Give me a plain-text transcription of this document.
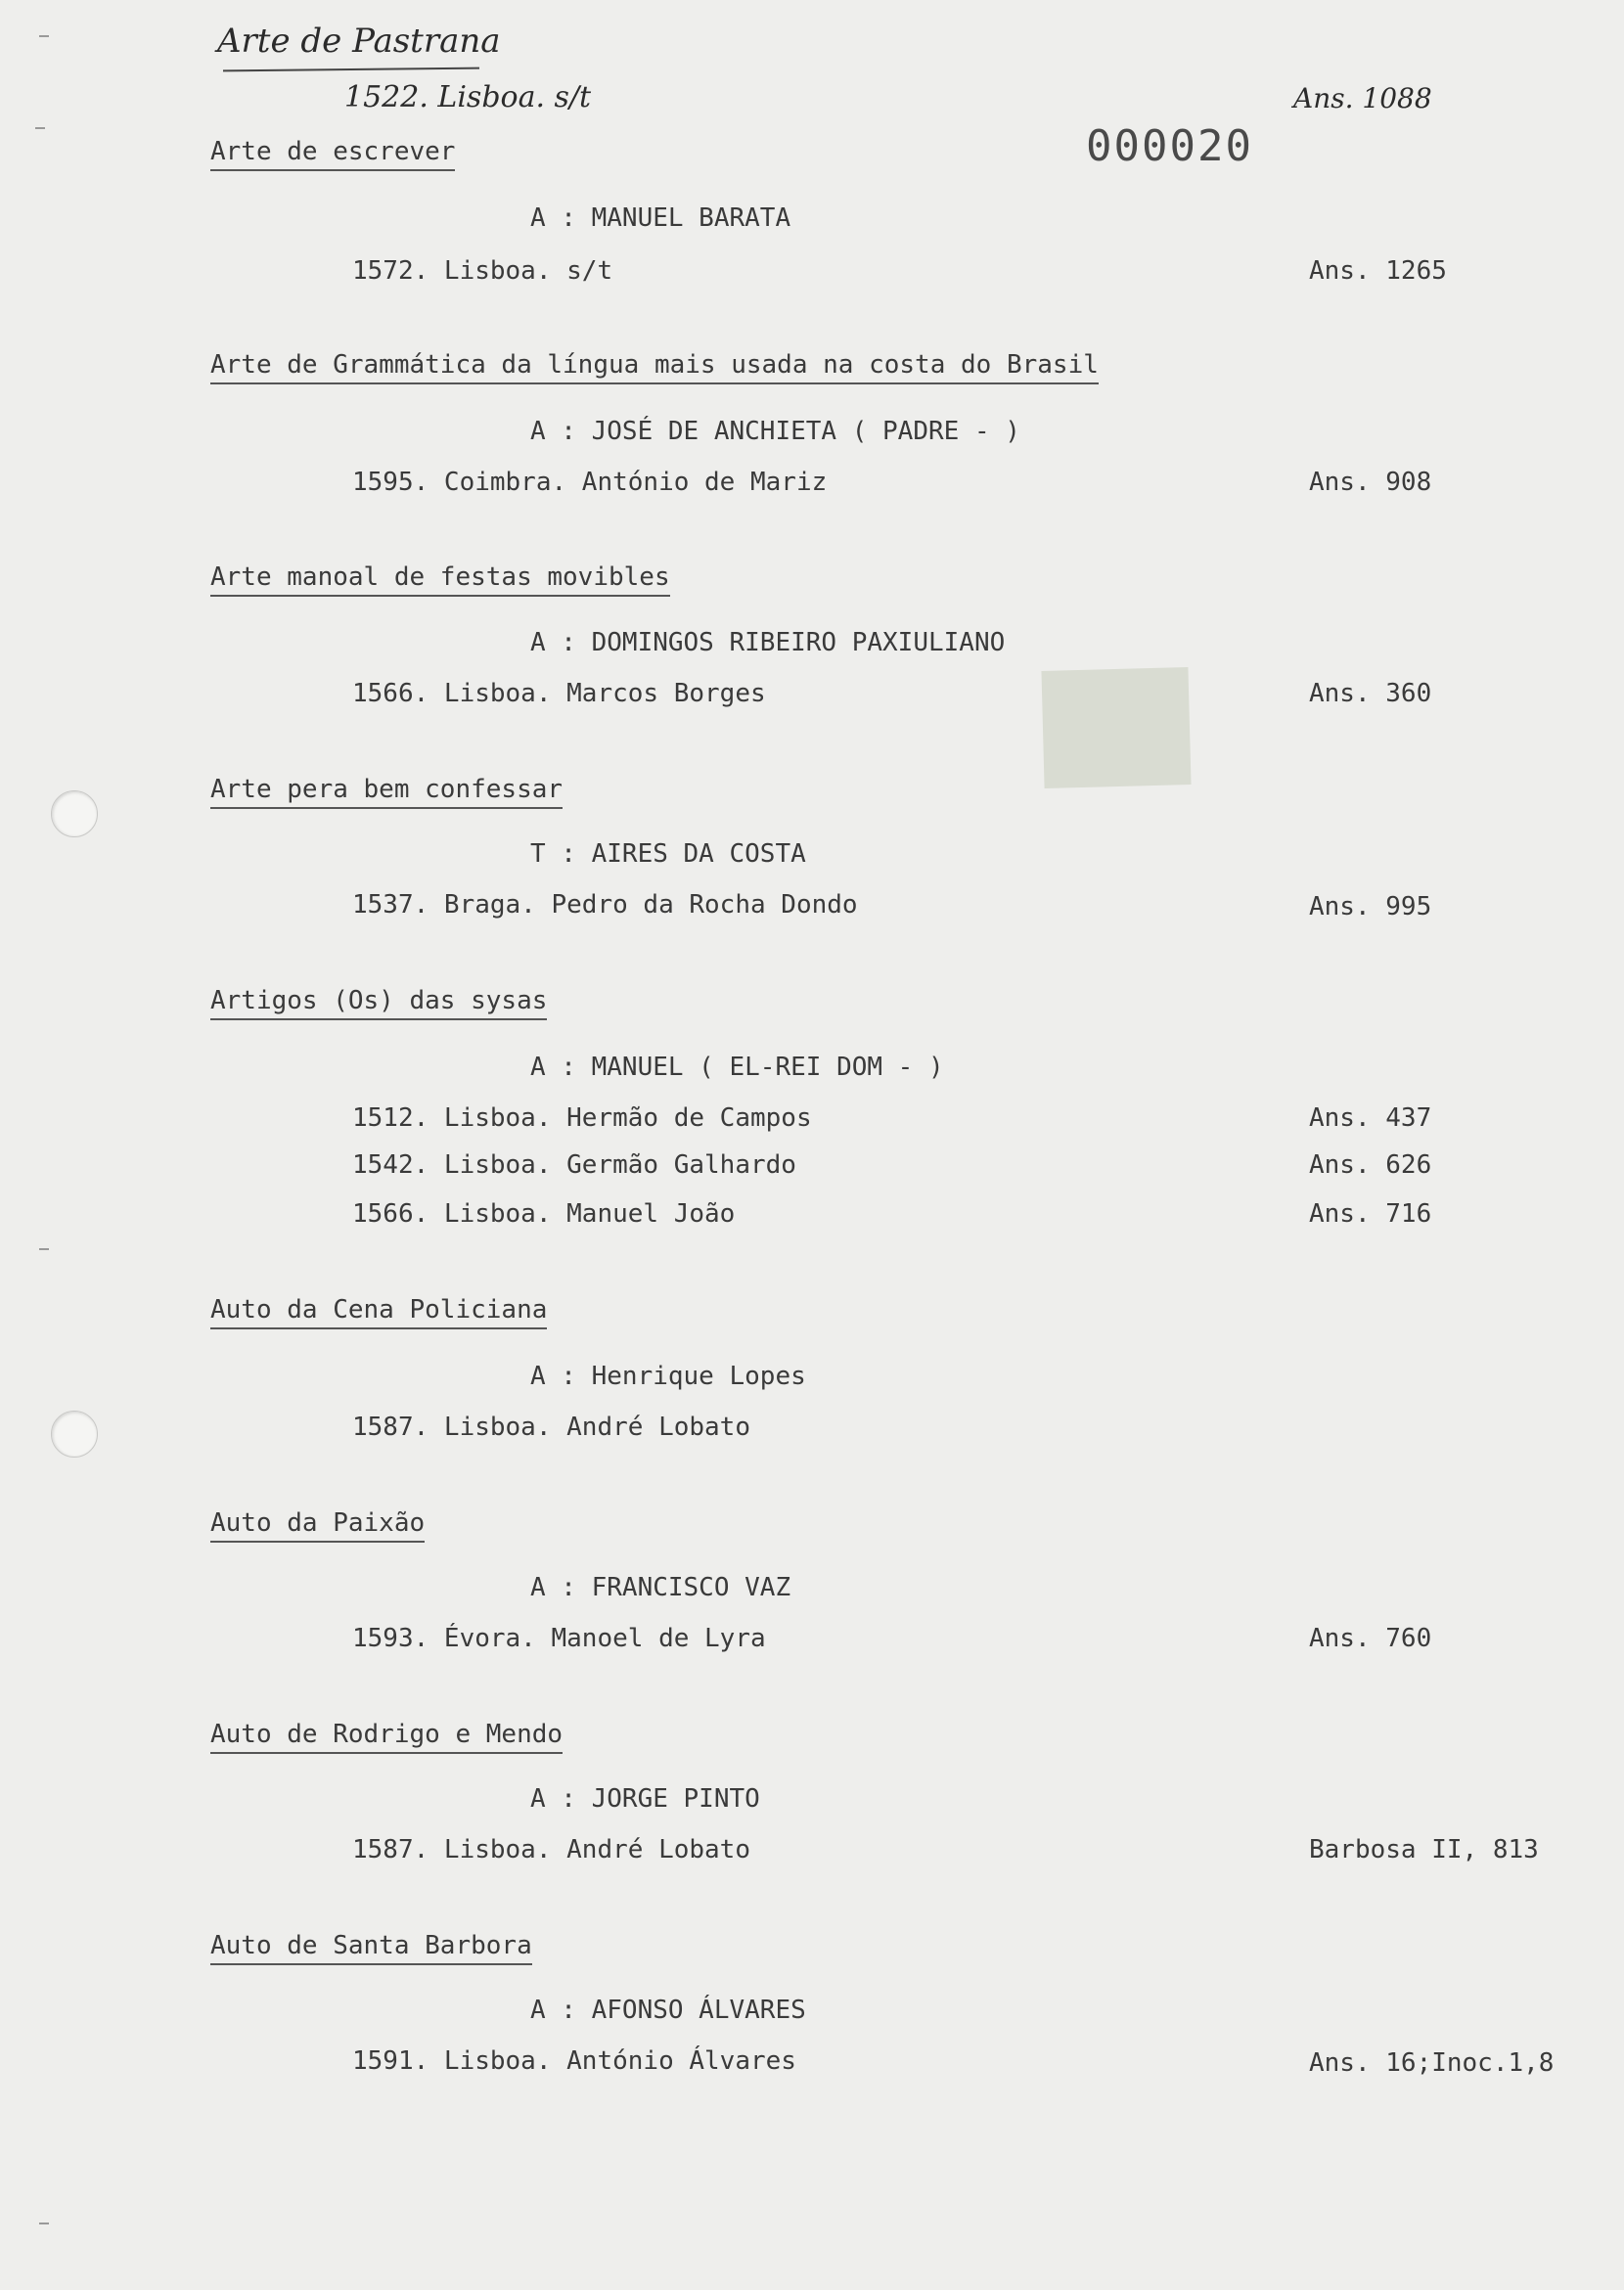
Arte de Pastrana
1522. Lisboa. s/t	Ans. 1088
000020
Arte de escrever
A : MANUEL BARATA
1572. Lisboa. s/t	Ans. 1265
Arte de Grammática da língua mais usada na costa do Brasil
A : JOSÉ DE ANCHIETA ( PADRE - )
1595. Coimbra. António de Mariz	Ans. 908
Arte manoal de festas movibles
A : DOMINGOS RIBEIRO PAXIULIANO
1566. Lisboa. Marcos Borges	Ans. 360
Arte pera bem confessar
T : AIRES DA COSTA
1537. Braga. Pedro da Rocha Dondo	Ans. 995
Artigos (Os) das sysas
A : MANUEL ( EL-REI DOM - )
1512. Lisboa. Hermão de Campos	Ans. 437
1542. Lisboa. Germão Galhardo	Ans. 626
1566. Lisboa. Manuel João	Ans. 716
Auto da Cena Policiana
A : Henrique Lopes
1587. Lisboa. André Lobato
Auto da Paixão
A : FRANCISCO VAZ
1593. Évora. Manoel de Lyra	Ans. 760
Auto de Rodrigo e Mendo
A : JORGE PINTO
1587. Lisboa. André Lobato	Barbosa II, 813
Auto de Santa Barbora
A : AFONSO ÁLVARES
1591. Lisboa. António Álvares	Ans. 16;Inoc.1,8
